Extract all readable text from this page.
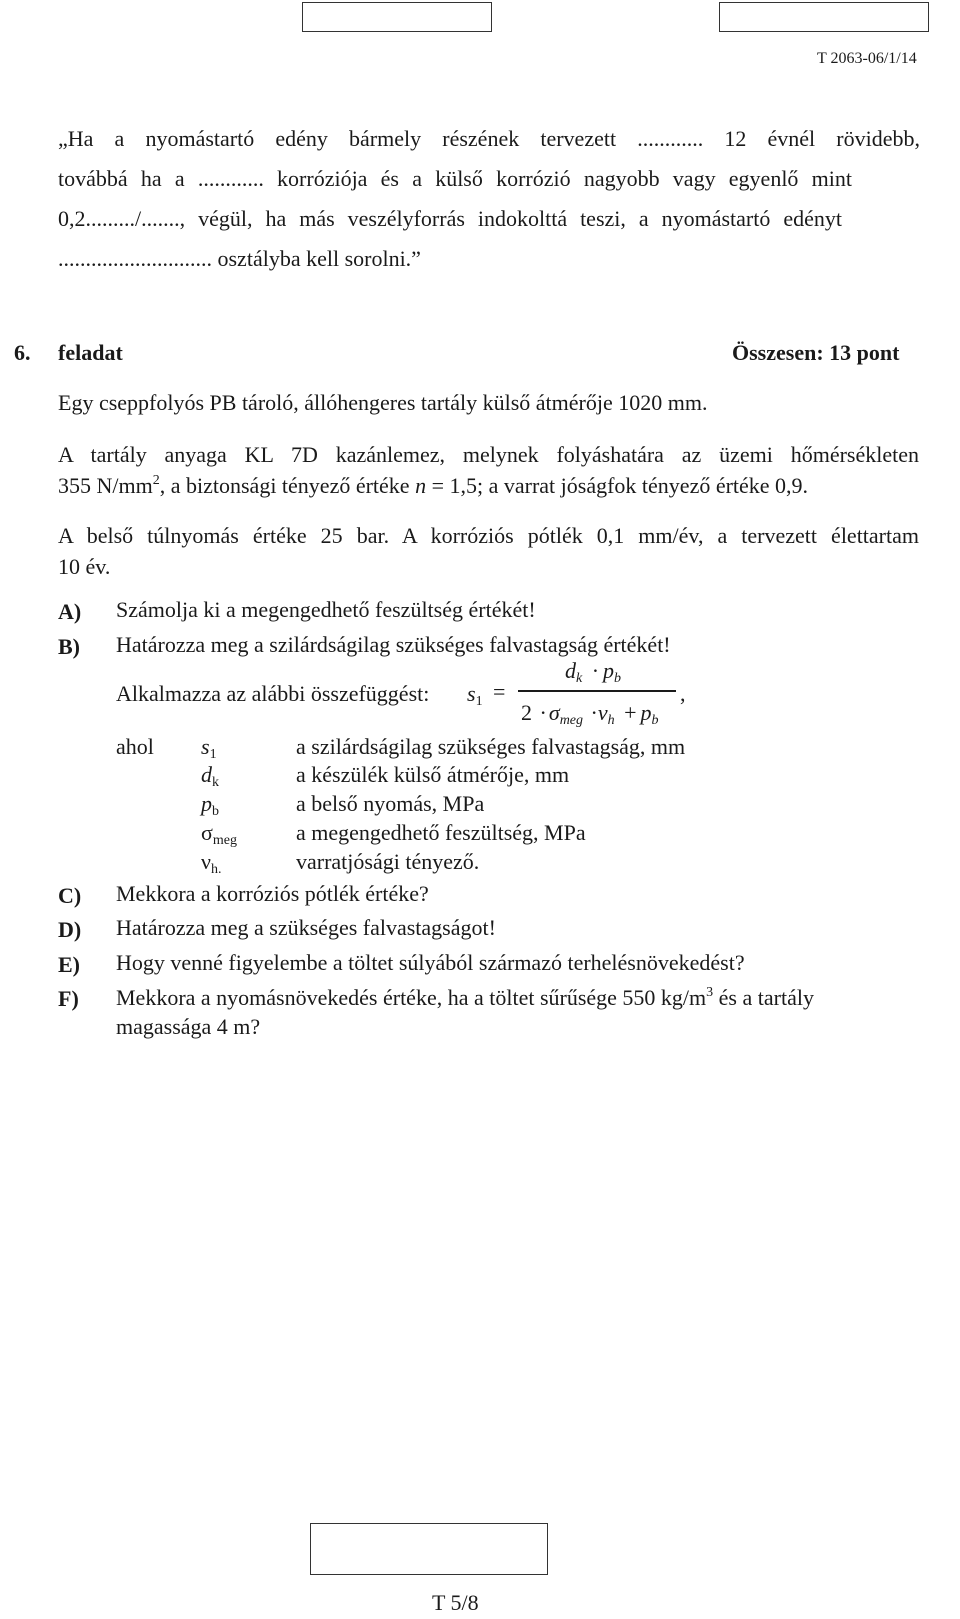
T 2063-06/1/14
„Ha a nyomástartó edény bármely részének tervezett ............ 12 évnél rövidebb,
továbbá ha a ............ korróziója és a külső korrózió nagyobb vagy egyenlő mint
0,2........./......., végül, ha más veszélyforrás indokolttá teszi, a nyomástartó edényt
............................ osztályba kell sorolni.”
6. feladat	Összesen: 13 pont
Egy cseppfolyós PB tároló, állóhengeres tartály külső átmérője 1020 mm.
A tartály anyaga KL 7D kazánlemez, melynek folyáshatára az üzemi hőmérsékleten
355 $N/mm^2$, a biztonsági tényező értéke n = 1,5; a varrat jóságfok tényező értéke 0,9.
A belső túlnyomás értéke 25 bar. A korróziós pótlék 0,1 mm/év, a tervezett élettartam
10 év.
A) Számolja ki a megengedhető feszültség értékét!
B) Határozza meg a szilárdságilag szükséges falvastagság értékét!
Alkalmazza az alábbi összefüggést: $s_1$ =
$d_k \cdot p_b$
$2 \cdot\sigma_{meg} \cdot\nu_h + p_b$
,
ahol $s_1$	a szilárdságilag szükséges falvastagság, mm
$d_k$	a készülék külső átmérője, mm
$p_b$	a belső nyomás, MPa
$\sigma_{meg}$	a megengedhető feszültség, MPa
$\nu_{h.}$	varratjósági tényező.
C) Mekkora a korróziós pótlék értéke?
D) Határozza meg a szükséges falvastagságot!
E) Hogy venné figyelembe a töltet súlyából származó terhelésnövekedést?
F) Mekkora a nyomásnövekedés értéke, ha a töltet sűrűsége 550 $kg/m^3$ és a tartály
magassága 4 m?
T 5/8
